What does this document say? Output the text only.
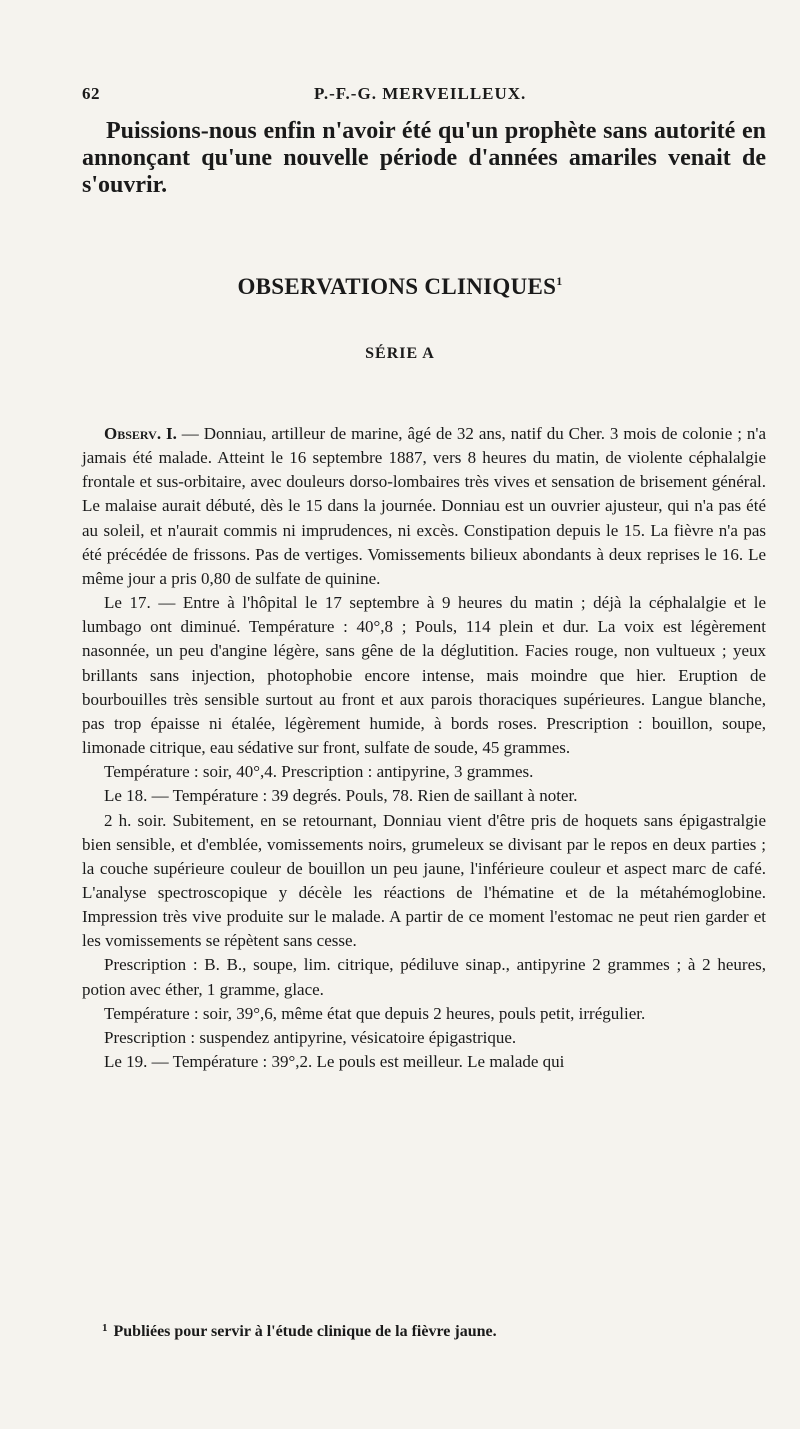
62	P.-F.-G. MERVEILLEUX.

Puissions-nous enfin n'avoir été qu'un prophète sans autorité en annonçant qu'une nouvelle période d'années amariles venait de s'ouvrir.

OBSERVATIONS CLINIQUES$^1$
SÉRIE A

Observ. I. — Donniau, artilleur de marine, âgé de 32 ans, natif du Cher. 3 mois de colonie ; n'a jamais été malade. Atteint le 16 septembre 1887, vers 8 heures du matin, de violente céphalalgie frontale et sus-orbitaire, avec douleurs dorso-lombaires très vives et sensation de brisement général. Le malaise aurait débuté, dès le 15 dans la journée. Donniau est un ouvrier ajusteur, qui n'a pas été au soleil, et n'aurait commis ni imprudences, ni excès. Constipation depuis le 15. La fièvre n'a pas été précédée de frissons. Pas de vertiges. Vomissements bilieux abondants à deux reprises le 16. Le même jour a pris 0,80 de sulfate de quinine.

Le 17. — Entre à l'hôpital le 17 septembre à 9 heures du matin ; déjà la céphalalgie et le lumbago ont diminué. Température : 40°,8 ; Pouls, 114 plein et dur. La voix est légèrement nasonnée, un peu d'angine légère, sans gêne de la déglutition. Facies rouge, non vultueux ; yeux brillants sans injection, photophobie encore intense, mais moindre que hier. Eruption de bourbouilles très sensible surtout au front et aux parois thoraciques supérieures. Langue blanche, pas trop épaisse ni étalée, légèrement humide, à bords roses. Prescription : bouillon, soupe, limonade citrique, eau sédative sur front, sulfate de soude, 45 grammes.

Température : soir, 40°,4. Prescription : antipyrine, 3 grammes.

Le 18. — Température : 39 degrés. Pouls, 78. Rien de saillant à noter.

2 h. soir. Subitement, en se retournant, Donniau vient d'être pris de hoquets sans épigastralgie bien sensible, et d'emblée, vomissements noirs, grumeleux se divisant par le repos en deux parties ; la couche supérieure couleur de bouillon un peu jaune, l'inférieure couleur et aspect marc de café. L'analyse spectroscopique y décèle les réactions de l'hématine et de la métahémoglobine. Impression très vive produite sur le malade. A partir de ce moment l'estomac ne peut rien garder et les vomissements se répètent sans cesse.

Prescription : B. B., soupe, lim. citrique, pédiluve sinap., antipyrine 2 grammes ; à 2 heures, potion avec éther, 1 gramme, glace.

Température : soir, 39°,6, même état que depuis 2 heures, pouls petit, irrégulier.

Prescription : suspendez antipyrine, vésicatoire épigastrique.

Le 19. — Température : 39°,2. Le pouls est meilleur. Le malade qui

$^1$ Publiées pour servir à l'étude clinique de la fièvre jaune.
